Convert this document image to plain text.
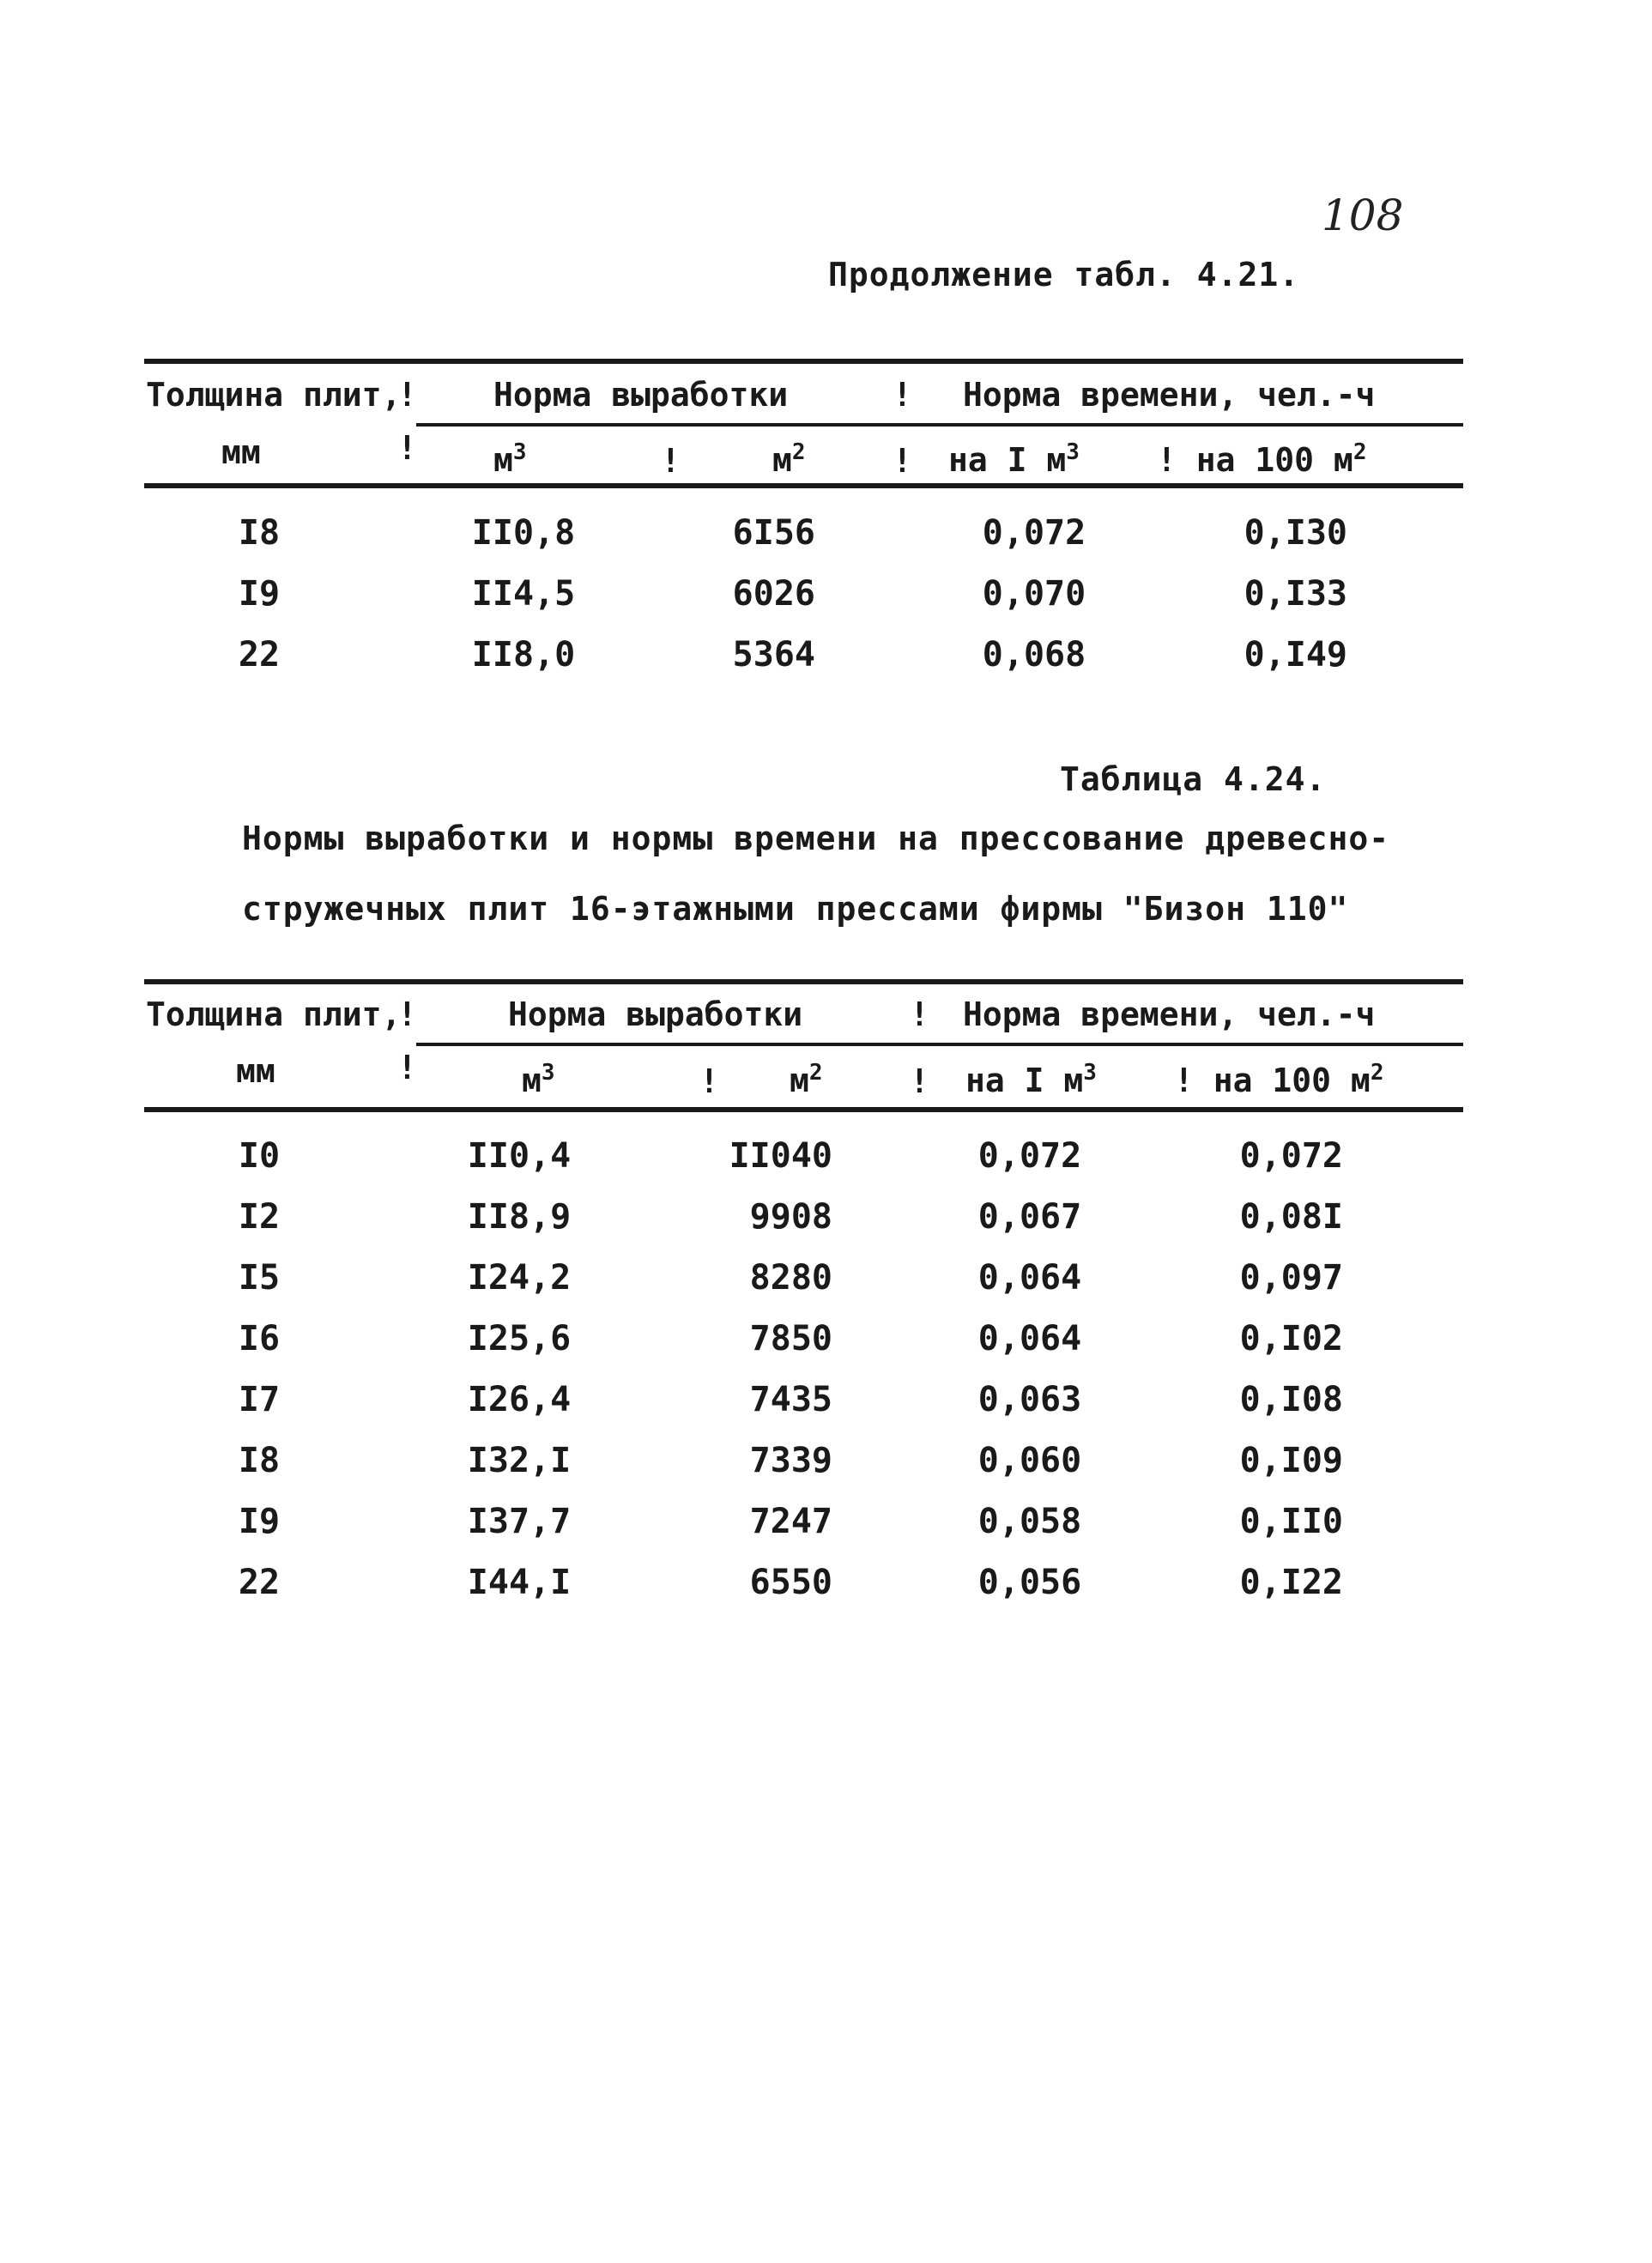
108
Продолжение табл. 4.21.
Толщина плит,
! Норма выработки	! Норма времени, чел.-ч
мм	! $м^3$	!	$м^2$	! на I $м^3$ ! на 100 $м^2$
I8	II0,8	6I56	0,072	0,I30
I9	II4,5	6026	0,070	0,I33
22	II8,0	5364	0,068	0,I49
Таблица 4.24.
Нормы выработки и нормы времени на прессование древесно-
стружечных плит 16-этажными прессами фирмы "Бизон 110"
Толщина плит,
!	Норма выработки	! Норма времени, чел.-ч
мм	!	$м^3$	! $м^2$	! на I $м^3$ ! на 100 $м^2$
I0	II0,4	II040	0,072	0,072
I2	II8,9	9908	0,067	0,08I
I5	I24,2	8280	0,064	0,097
I6	I25,6	7850	0,064	0,I02
I7	I26,4	7435	0,063	0,I08
I8	I32,I	7339	0,060	0,I09
I9	I37,7	7247	0,058	0,II0
22	I44,I	6550	0,056	0,I22
